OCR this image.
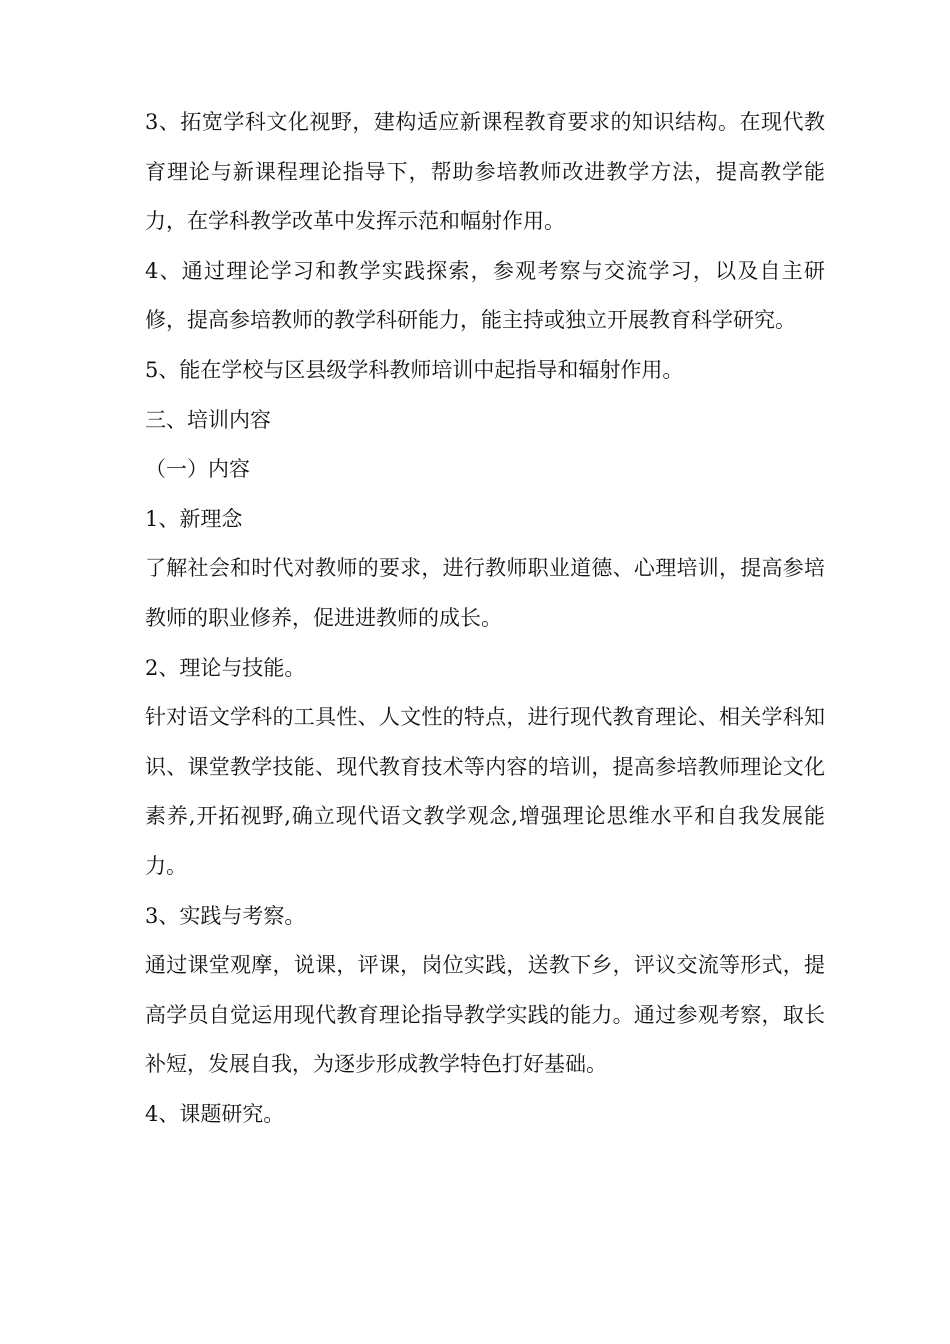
3、拓宽学科文化视野，建构适应新课程教育要求的知识结构。在现代教育理论与新课程理论指导下，帮助参培教师改进教学方法，提高教学能力，在学科教学改革中发挥示范和幅射作用。

4、通过理论学习和教学实践探索，参观考察与交流学习，以及自主研修，提高参培教师的教学科研能力，能主持或独立开展教育科学研究。

5、能在学校与区县级学科教师培训中起指导和辐射作用。

三、培训内容

（一）内容

1、新理念

了解社会和时代对教师的要求，进行教师职业道德、心理培训，提高参培教师的职业修养，促进进教师的成长。

2、理论与技能。

针对语文学科的工具性、人文性的特点，进行现代教育理论、相关学科知识、课堂教学技能、现代教育技术等内容的培训，提高参培教师理论文化素养,开拓视野,确立现代语文教学观念,增强理论思维水平和自我发展能力。

3、实践与考察。

通过课堂观摩，说课，评课，岗位实践，送教下乡，评议交流等形式，提高学员自觉运用现代教育理论指导教学实践的能力。通过参观考察，取长补短，发展自我，为逐步形成教学特色打好基础。

4、课题研究。
